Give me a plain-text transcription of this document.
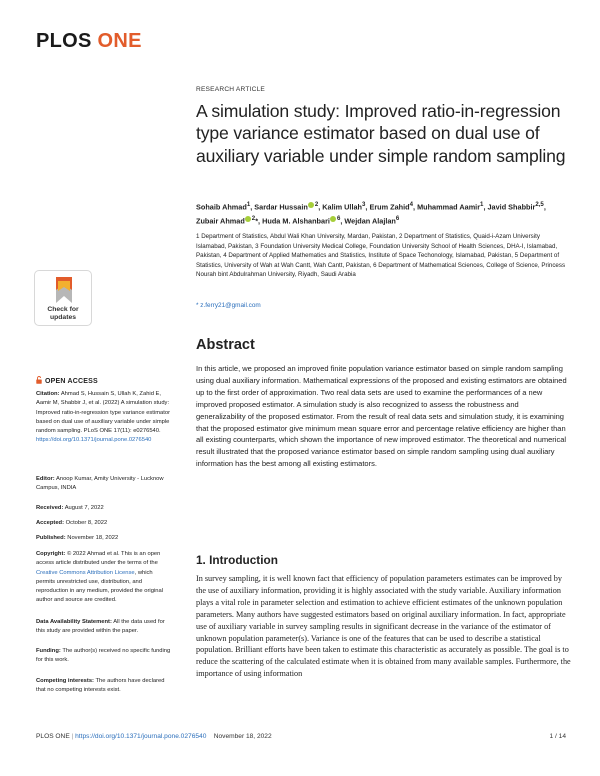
PLOS ONE
RESEARCH ARTICLE
A simulation study: Improved ratio-in-regression type variance estimator based on dual use of auxiliary variable under simple random sampling
Sohaib Ahmad$^1$, Sardar Hussain $^2$, Kalim Ullah$^3$, Erum Zahid$^4$, Muhammad Aamir$^1$, Javid Shabbir$^{2,5}$, Zubair Ahmad $^2$*, Huda M. Alshanbari $^6$, Wejdan Alajlan$^6$
1 Department of Statistics, Abdul Wali Khan University, Mardan, Pakistan, 2 Department of Statistics, Quaid-i-Azam University Islamabad, Pakistan, 3 Foundation University Medical College, Foundation University School of Health Sciences, DHA-I, Islamabad, Pakistan, 4 Department of Applied Mathematics and Statistics, Institute of Space Techonology, Islamabad, Pakistan, 5 Department of Statistics, University of Wah at Wah Cantt, Wah Cantt, Pakistan, 6 Department of Mathematical Sciences, College of Science, Princess Nourah bint Abdulrahman University, Riyadh, Saudi Arabia
* z.ferry21@gmail.com
Abstract

In this article, we proposed an improved finite population variance estimator based on simple random sampling using dual auxiliary information. Mathematical expressions of the proposed and existing estimators are obtained up to the first order of approximation. Two real data sets are used to examine the performances of a new improved proposed estimator. A simulation study is also recognized to assess the robustness and generalizability of the proposed estimator. From the result of real data sets and simulation study, it is examining that the proposed estimator give minimum mean square error and percentage relative efficiency are higher than all existing counterparts, which shown the importance of new improved estimator. The theoretical and numerical result illustrated that the proposed variance estimator based on simple random sampling using dual auxiliary information has the best among all existing estimators.

1. Introduction

In survey sampling, it is well known fact that efficiency of population parameters estimates can be improved by the use of auxiliary information, providing it is highly associated with the study variable. Auxiliary information plays a vital role in parameter selection and estimation to achieve efficient estimates of the unknown population parameters. Many authors have suggested estimators based on original auxiliary information. In fact, appropriate use of auxiliary variable in survey sampling results in significant decrease in the variance of the estimator of unknown population parameter(s). Variance is one of the features that can be used to describe a statistical population. Brilliant efforts have been taken to estimate this characteristic as accurately as possible. The goal is to reduce the scattering of the calculated estimate when it is obtained from many available samples. Furthermore, the importance of using information

Check for
updates
OPEN ACCESS
Citation: Ahmad S, Hussain S, Ullah K, Zahid E, Aamir M, Shabbir J, et al. (2022) A simulation study: Improved ratio-in-regression type variance estimator based on dual use of auxiliary variable under simple random sampling. PLoS ONE 17(11): e0276540. https://doi.org/10.1371/journal.pone.0276540
Editor: Anoop Kumar, Amity University - Lucknow Campus, INDIA
Received: August 7, 2022
Accepted: October 8, 2022
Published: November 18, 2022
Copyright: © 2022 Ahmad et al. This is an open access article distributed under the terms of the Creative Commons Attribution License, which permits unrestricted use, distribution, and reproduction in any medium, provided the original author and source are credited.
Data Availability Statement: All the data used for this study are provided within the paper.
Funding: The author(s) received no specific funding for this work.
Competing interests: The authors have declared that no competing interests exist.
PLOS ONE | https://doi.org/10.1371/journal.pone.0276540 November 18, 2022	1 / 14
